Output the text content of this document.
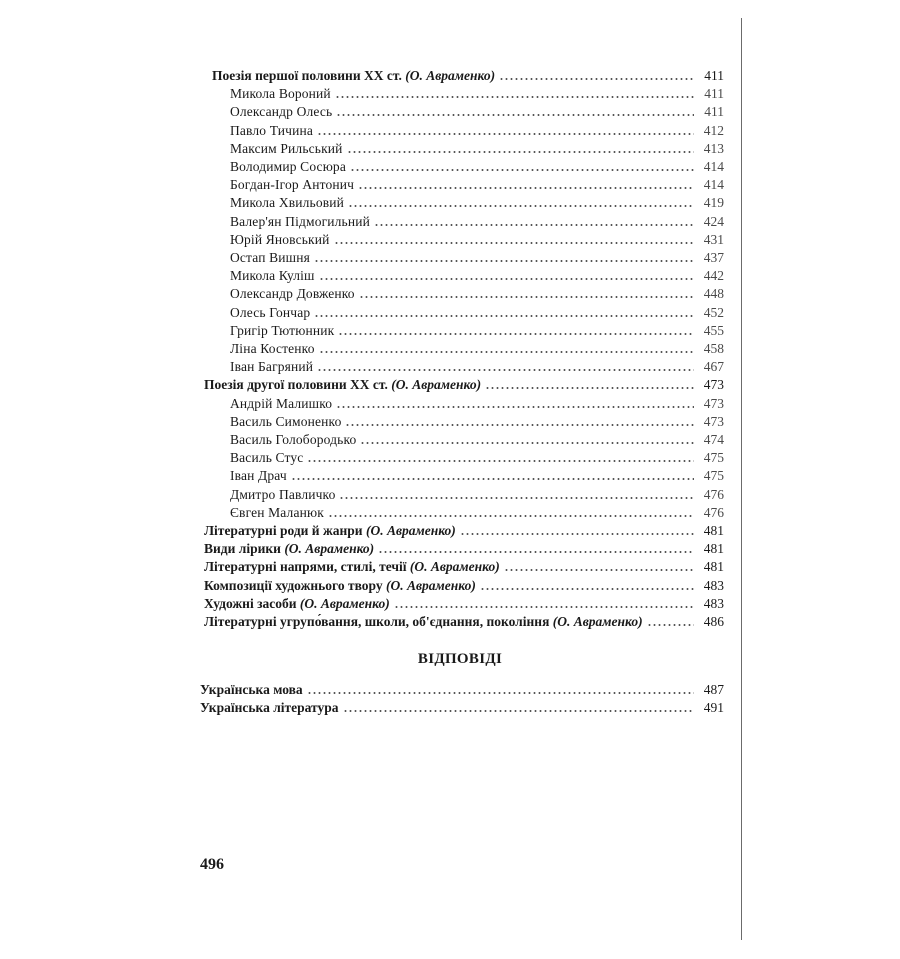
Поезія першої половини ХХ ст. (О. Авраменко)	411
Микола Вороний	411
Олександр Олесь	411
Павло Тичина	412
Максим Рильський	413
Володимир Сосюра	414
Богдан-Ігор Антонич	414
Микола Хвильовий	419
Валер'ян Підмогильний	424
Юрій Яновський	431
Остап Вишня	437
Микола Куліш	442
Олександр Довженко	448
Олесь Гончар	452
Григір Тютюнник	455
Ліна Костенко	458
Іван Багряний	467
Поезія другої половини ХХ ст. (О. Авраменко)	473
Андрій Малишко	473
Василь Симоненко	473
Василь Голобородько	474
Василь Стус	475
Іван Драч	475
Дмитро Павличко	476
Євген Маланюк	476
Літературні роди й жанри (О. Авраменко)	481
Види лірики (О. Авраменко)	481
Літературні напрями, стилі, течії (О. Авраменко)	481
Композиції художнього твору (О. Авраменко)	483
Художні засоби (О. Авраменко)	483
Літературні угрупо́вання, школи, об'єднання, покоління (О. Авраменко)	486
Українська мова	487
Українська література	491
ВІДПОВІДІ
496
